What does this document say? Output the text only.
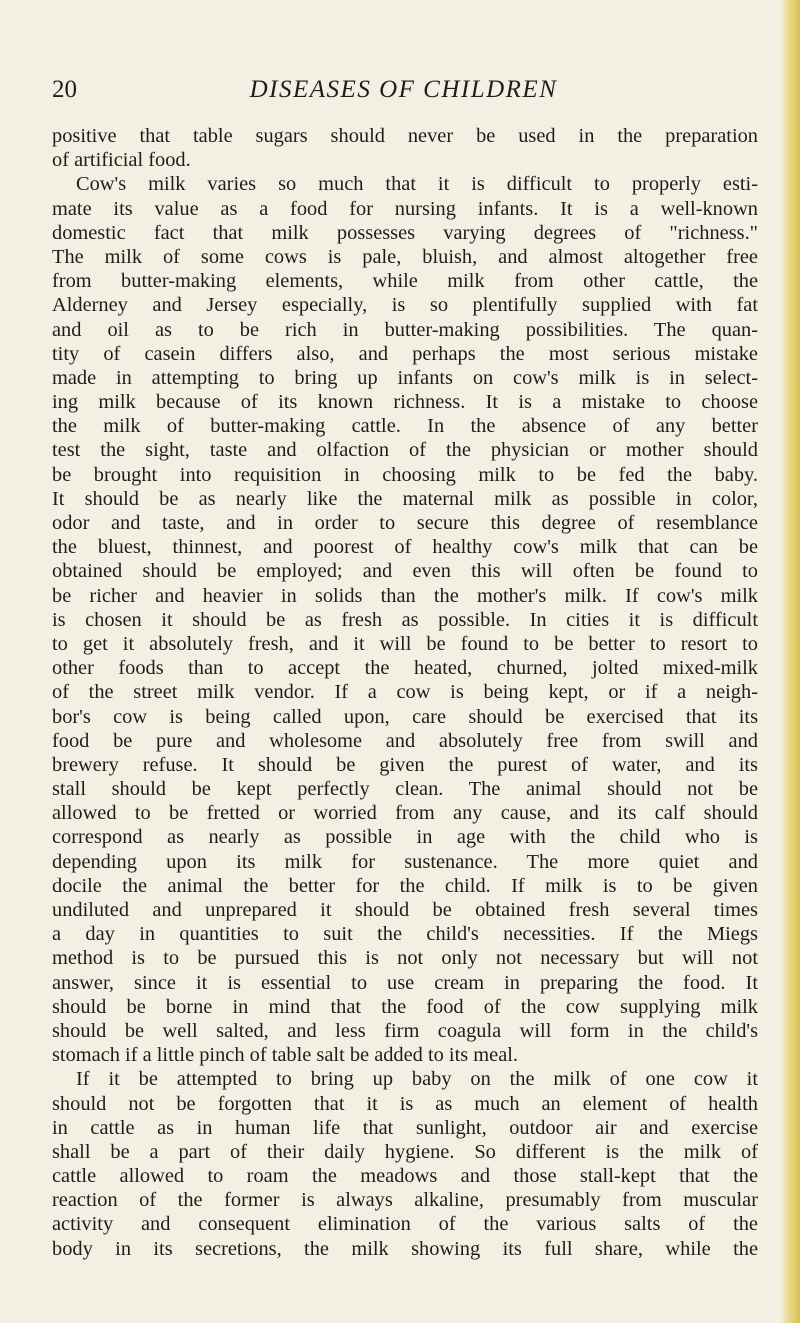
20	DISEASES OF CHILDREN
positive that table sugars should never be used in the preparation
of artificial food.
Cow's milk varies so much that it is difficult to properly esti-
mate its value as a food for nursing infants. It is a well-known
domestic fact that milk possesses varying degrees of "richness."
The milk of some cows is pale, bluish, and almost altogether free
from butter-making elements, while milk from other cattle, the
Alderney and Jersey especially, is so plentifully supplied with fat
and oil as to be rich in butter-making possibilities. The quan-
tity of casein differs also, and perhaps the most serious mistake
made in attempting to bring up infants on cow's milk is in select-
ing milk because of its known richness. It is a mistake to choose
the milk of butter-making cattle. In the absence of any better
test the sight, taste and olfaction of the physician or mother should
be brought into requisition in choosing milk to be fed the baby.
It should be as nearly like the maternal milk as possible in color,
odor and taste, and in order to secure this degree of resemblance
the bluest, thinnest, and poorest of healthy cow's milk that can be
obtained should be employed; and even this will often be found to
be richer and heavier in solids than the mother's milk. If cow's milk
is chosen it should be as fresh as possible. In cities it is difficult
to get it absolutely fresh, and it will be found to be better to resort to
other foods than to accept the heated, churned, jolted mixed-milk
of the street milk vendor. If a cow is being kept, or if a neigh-
bor's cow is being called upon, care should be exercised that its
food be pure and wholesome and absolutely free from swill and
brewery refuse. It should be given the purest of water, and its
stall should be kept perfectly clean. The animal should not be
allowed to be fretted or worried from any cause, and its calf should
correspond as nearly as possible in age with the child who is
depending upon its milk for sustenance. The more quiet and
docile the animal the better for the child. If milk is to be given
undiluted and unprepared it should be obtained fresh several times
a day in quantities to suit the child's necessities. If the Miegs
method is to be pursued this is not only not necessary but will not
answer, since it is essential to use cream in preparing the food. It
should be borne in mind that the food of the cow supplying milk
should be well salted, and less firm coagula will form in the child's
stomach if a little pinch of table salt be added to its meal.
If it be attempted to bring up baby on the milk of one cow it
should not be forgotten that it is as much an element of health
in cattle as in human life that sunlight, outdoor air and exercise
shall be a part of their daily hygiene. So different is the milk of
cattle allowed to roam the meadows and those stall-kept that the
reaction of the former is always alkaline, presumably from muscular
activity and consequent elimination of the various salts of the
body in its secretions, the milk showing its full share, while the
